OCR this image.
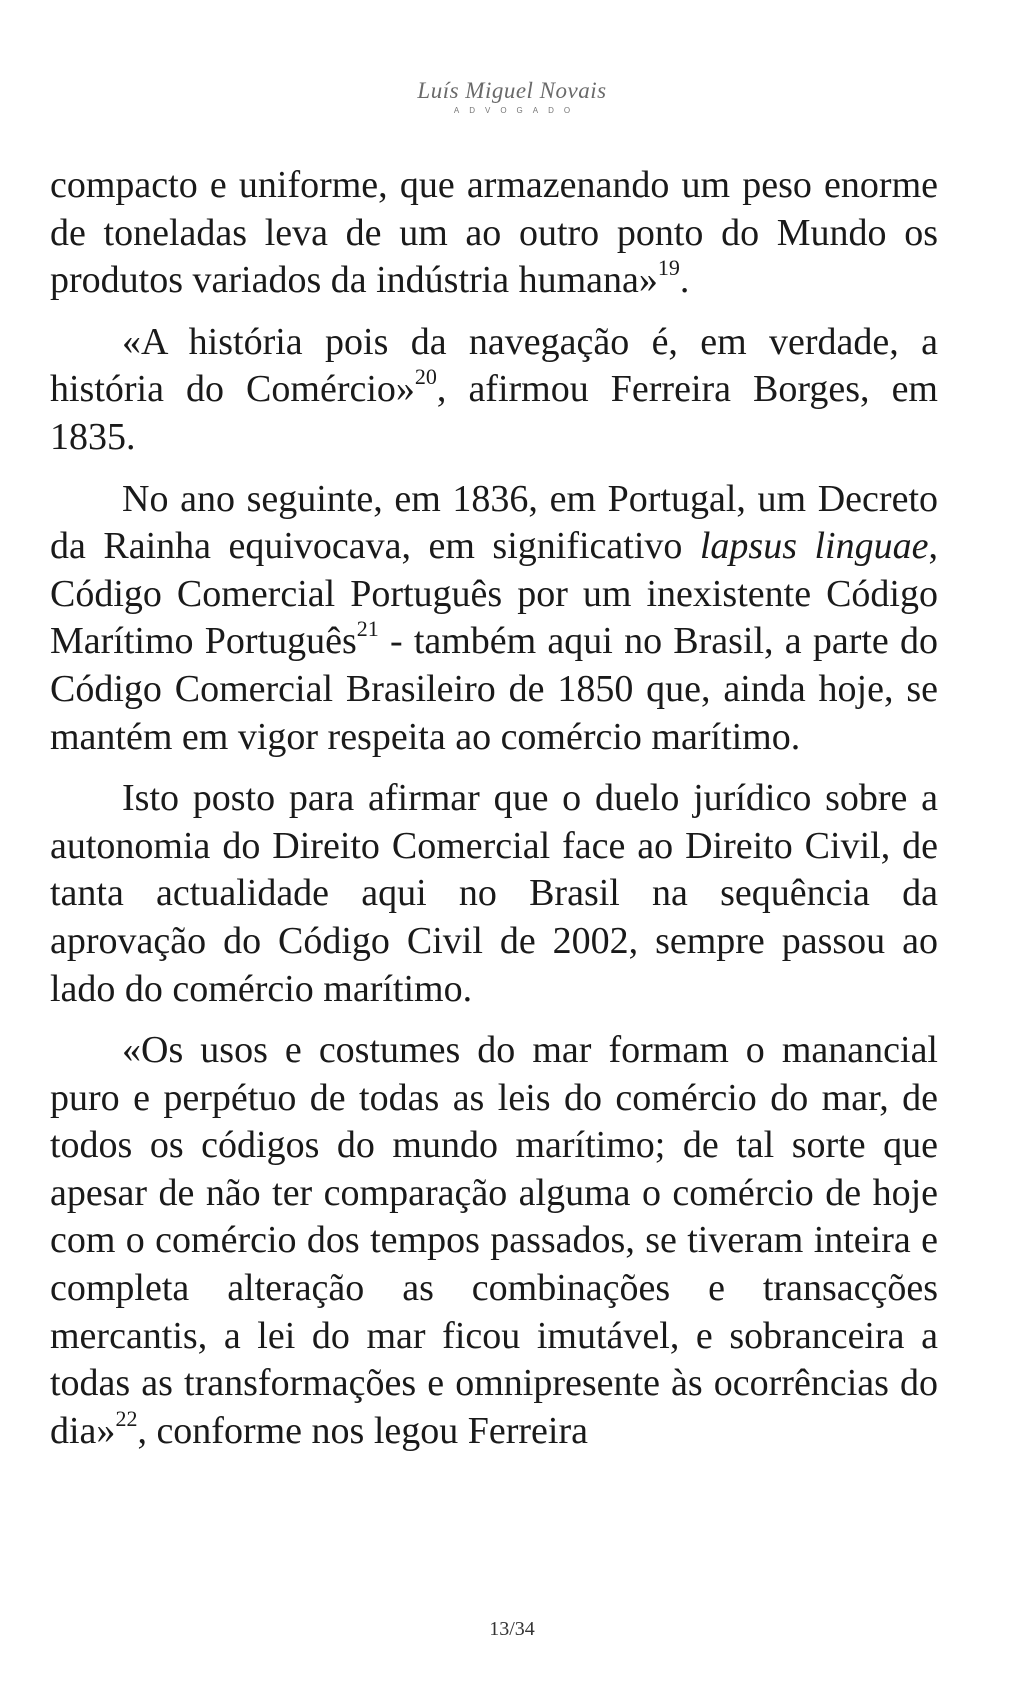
Luís Miguel Novais
ADVOGADO

compacto e uniforme, que armazenando um peso enorme de toneladas leva de um ao outro ponto do Mundo os produtos variados da indústria humana»$^{19}$.

«A história pois da navegação é, em verdade, a história do Comércio»$^{20}$, afirmou Ferreira Borges, em 1835.

No ano seguinte, em 1836, em Portugal, um Decreto da Rainha equivocava, em significativo lapsus linguae, Código Comercial Português por um inexistente Código Marítimo Português$^{21}$ - também aqui no Brasil, a parte do Código Comercial Brasileiro de 1850 que, ainda hoje, se mantém em vigor respeita ao comércio marítimo.

Isto posto para afirmar que o duelo jurídico sobre a autonomia do Direito Comercial face ao Direito Civil, de tanta actualidade aqui no Brasil na sequência da aprovação do Código Civil de 2002, sempre passou ao lado do comércio marítimo.

«Os usos e costumes do mar formam o manancial puro e perpétuo de todas as leis do comércio do mar, de todos os códigos do mundo marítimo; de tal sorte que apesar de não ter comparação alguma o comércio de hoje com o comércio dos tempos passados, se tiveram inteira e completa alteração as combinações e transacções mercantis, a lei do mar ficou imutável, e sobranceira a todas as transformações e omnipresente às ocorrências do dia»$^{22}$, conforme nos legou Ferreira

13/34
